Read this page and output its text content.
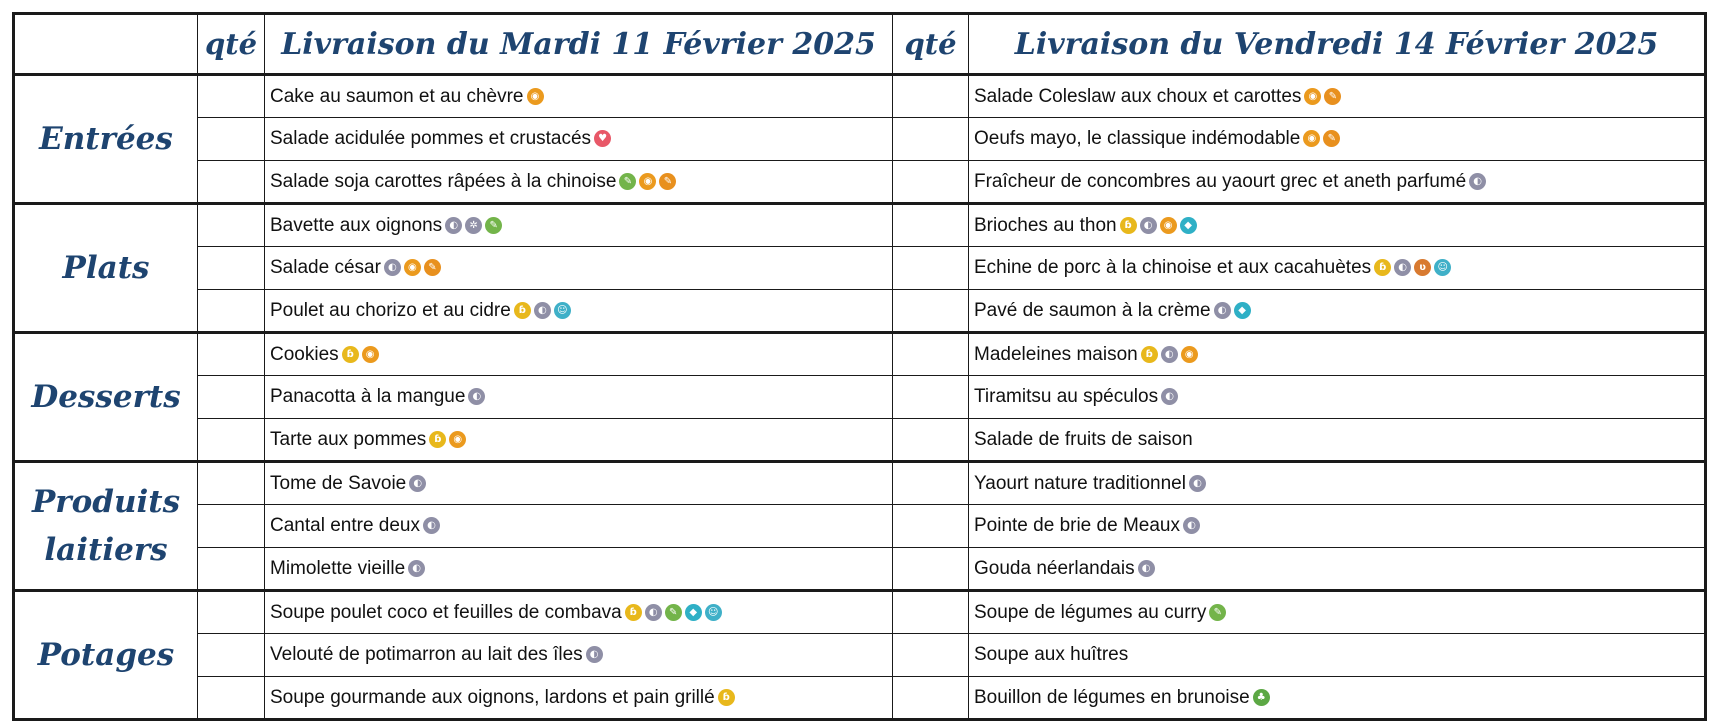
	qté	Livraison du Mardi 11 Février 2025	qté	Livraison du Vendredi 14 Février 2025
Entrées		Cake au saumon et au chèvre ◉		Salade Coleslaw aux choux et carottes ◉ ✎
		Salade acidulée pommes et crustacés ♥		Oeufs mayo, le classique indémodable ◉ ✎
		Salade soja carottes râpées à la chinoise ✎ ◉ ✎		Fraîcheur de concombres au yaourt grec et aneth parfumé ◐
Plats		Bavette aux oignons ◐ ✲ ✎		Brioches au thon ɓ ◐ ◉ ◆
		Salade césar ◐ ◉ ✎		Echine de porc à la chinoise et aux cacahuètes ɓ ◐ ʋ ☺
		Poulet au chorizo et au cidre ɓ ◐ ☺		Pavé de saumon à la crème ◐ ◆
Desserts		Cookies ɓ ◉		Madeleines maison ɓ ◐ ◉
		Panacotta à la mangue ◐		Tiramitsu au spéculos ◐
		Tarte aux pommes ɓ ◉		Salade de fruits de saison
Produits laitiers		Tome de Savoie ◐		Yaourt nature traditionnel ◐
		Cantal entre deux ◐		Pointe de brie de Meaux ◐
		Mimolette vieille ◐		Gouda néerlandais ◐
Potages		Soupe poulet coco et feuilles de combava ɓ ◐ ✎ ◆ ☺		Soupe de légumes au curry ✎
		Velouté de potimarron au lait des îles ◐		Soupe aux huîtres
		Soupe gourmande aux oignons, lardons et pain grillé ɓ		Bouillon de légumes en brunoise ♣
